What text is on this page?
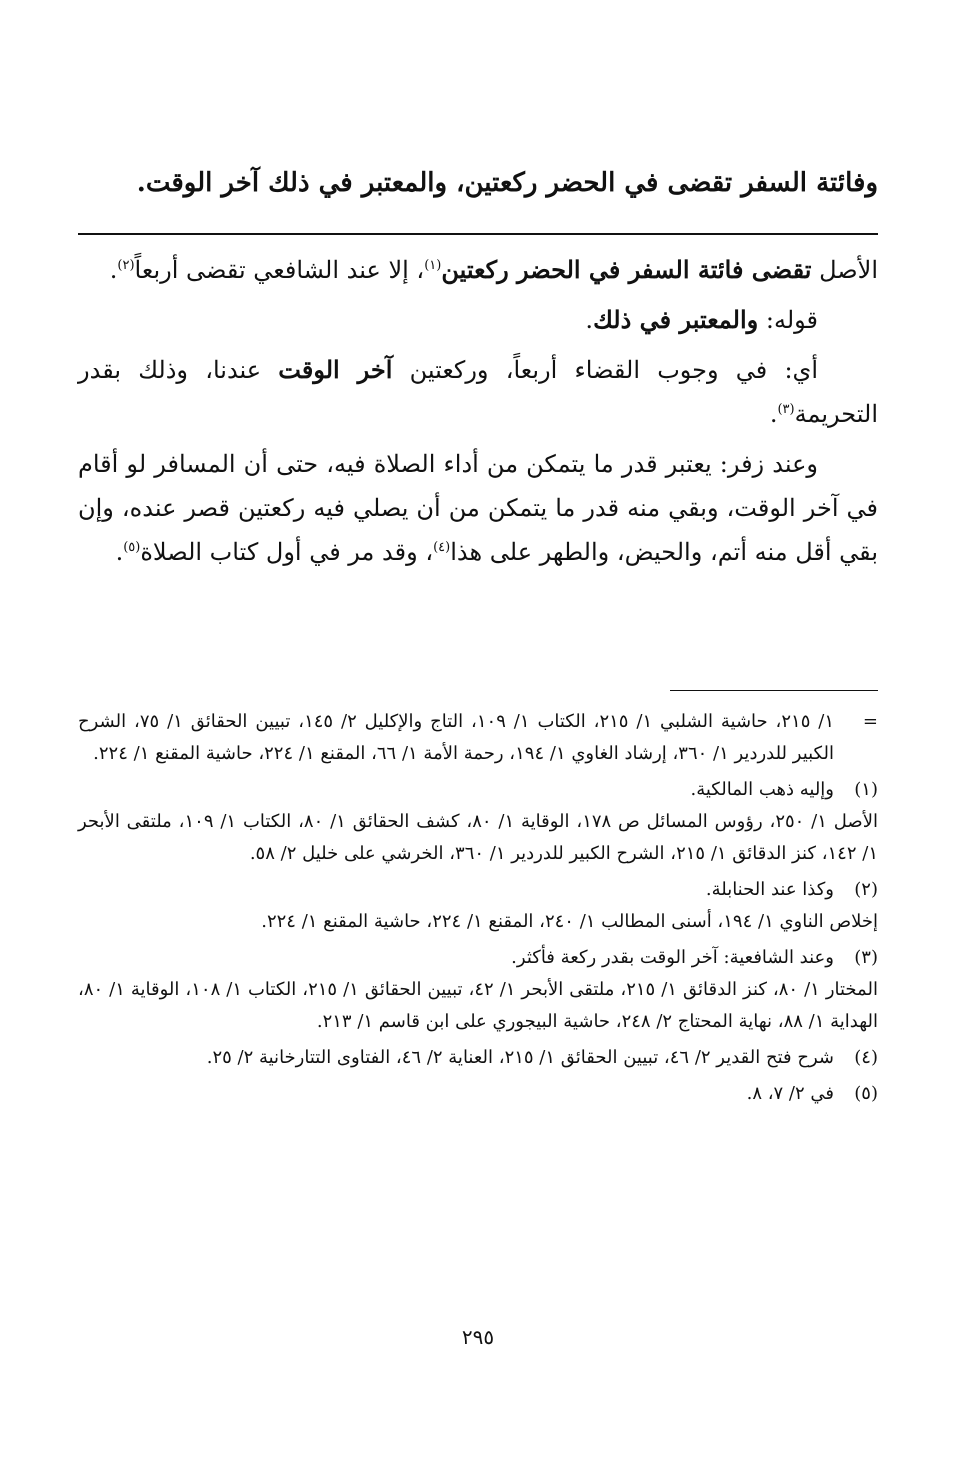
وفائتة السفر تقضى في الحضر ركعتين، والمعتبر في ذلك آخر الوقت.

الأصل تقضى فائتة السفر في الحضر ركعتين$^{(١)}$، إلا عند الشافعي تقضى أربعاً$^{(٢)}$.

قوله: والمعتبر في ذلك.

أي: في وجوب القضاء أربعاً، وركعتين آخر الوقت عندنا، وذلك بقدر التحريمة$^{(٣)}$.

وعند زفر: يعتبر قدر ما يتمكن من أداء الصلاة فيه، حتى أن المسافر لو أقام في آخر الوقت، وبقي منه قدر ما يتمكن من أن يصلي فيه ركعتين قصر عنده، وإن بقي أقل منه أتم، والحيض، والطهر على هذا$^{(٤)}$، وقد مر في أول كتاب الصلاة$^{(٥)}$.

=
١/ ٢١٥، حاشية الشلبي ١/ ٢١٥، الكتاب ١/ ١٠٩، التاج والإكليل ٢/ ١٤٥، تبيين الحقائق ١/ ٧٥، الشرح الكبير للدردير ١/ ٣٦٠، إرشاد الغاوي ١/ ١٩٤، رحمة الأمة ١/ ٦٦، المقنع ١/ ٢٢٤، حاشية المقنع ١/ ٢٢٤.
(١)
وإليه ذهب المالكية.
الأصل ١/ ٢٥٠، رؤوس المسائل ص ١٧٨، الوقاية ١/ ٨٠، كشف الحقائق ١/ ٨٠، الكتاب ١/ ١٠٩، ملتقى الأبحر ١/ ١٤٢، كنز الدقائق ١/ ٢١٥، الشرح الكبير للدردير ١/ ٣٦٠، الخرشي على خليل ٢/ ٥٨.
(٢)
وكذا عند الحنابلة.
إخلاص الناوي ١/ ١٩٤، أسنى المطالب ١/ ٢٤٠، المقنع ١/ ٢٢٤، حاشية المقنع ١/ ٢٢٤.
(٣)
وعند الشافعية: آخر الوقت بقدر ركعة فأكثر.
المختار ١/ ٨٠، كنز الدقائق ١/ ٢١٥، ملتقى الأبحر ١/ ٤٢، تبيين الحقائق ١/ ٢١٥، الكتاب ١/ ١٠٨، الوقاية ١/ ٨٠، الهداية ١/ ٨٨، نهاية المحتاج ٢/ ٢٤٨، حاشية البيجوري على ابن قاسم ١/ ٢١٣.
(٤)
شرح فتح القدير ٢/ ٤٦، تبيين الحقائق ١/ ٢١٥، العناية ٢/ ٤٦، الفتاوى التتارخانية ٢/ ٢٥.
(٥)
في ٢/ ٧، ٨.
٢٩٥
